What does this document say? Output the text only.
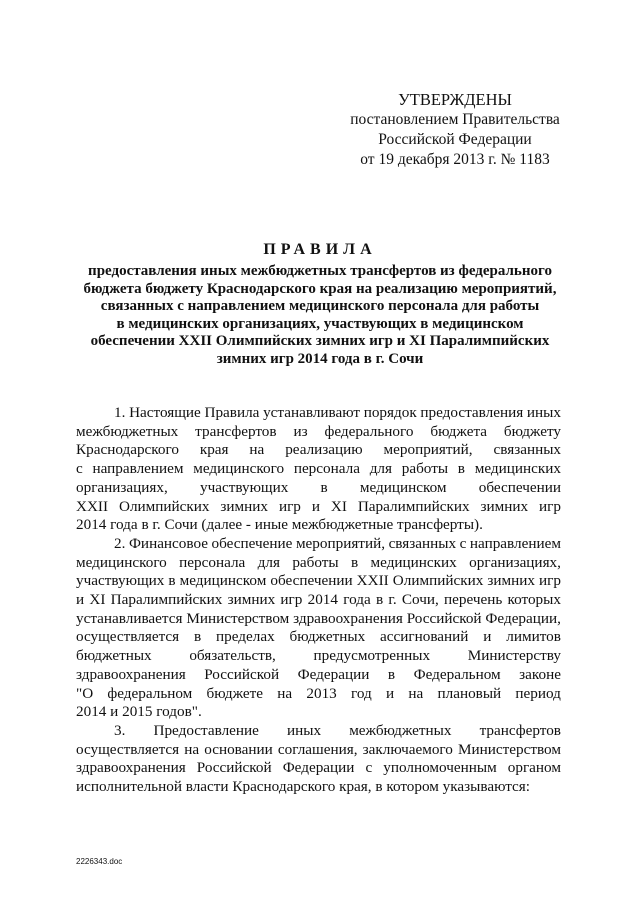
УТВЕРЖДЕНЫ
постановлением Правительства
Российской Федерации
от 19 декабря 2013 г. № 1183
ПРАВИЛА
предоставления иных межбюджетных трансфертов из федерального
бюджета бюджету Краснодарского края на реализацию мероприятий,
связанных с направлением медицинского персонала для работы
в медицинских организациях, участвующих в медицинском
обеспечении XXII Олимпийских зимних игр и XI Паралимпийских
зимних игр 2014 года в г. Сочи
1. Настоящие Правила устанавливают порядок предоставления иных
межбюджетных трансфертов из федерального бюджета бюджету
Краснодарского края на реализацию мероприятий, связанных
с направлением медицинского персонала для работы в медицинских
организациях, участвующих в медицинском обеспечении
XXII Олимпийских зимних игр и XI Паралимпийских зимних игр
2014 года в г. Сочи (далее - иные межбюджетные трансферты).
2. Финансовое обеспечение мероприятий, связанных с направлением
медицинского персонала для работы в медицинских организациях,
участвующих в медицинском обеспечении XXII Олимпийских зимних игр
и XI Паралимпийских зимних игр 2014 года в г. Сочи, перечень которых
устанавливается Министерством здравоохранения Российской Федерации,
осуществляется в пределах бюджетных ассигнований и лимитов
бюджетных обязательств, предусмотренных Министерству
здравоохранения Российской Федерации в Федеральном законе
"О федеральном бюджете на 2013 год и на плановый период
2014 и 2015 годов".
3. Предоставление иных межбюджетных трансфертов
осуществляется на основании соглашения, заключаемого Министерством
здравоохранения Российской Федерации с уполномоченным органом
исполнительной власти Краснодарского края, в котором указываются:
2226343.doc
